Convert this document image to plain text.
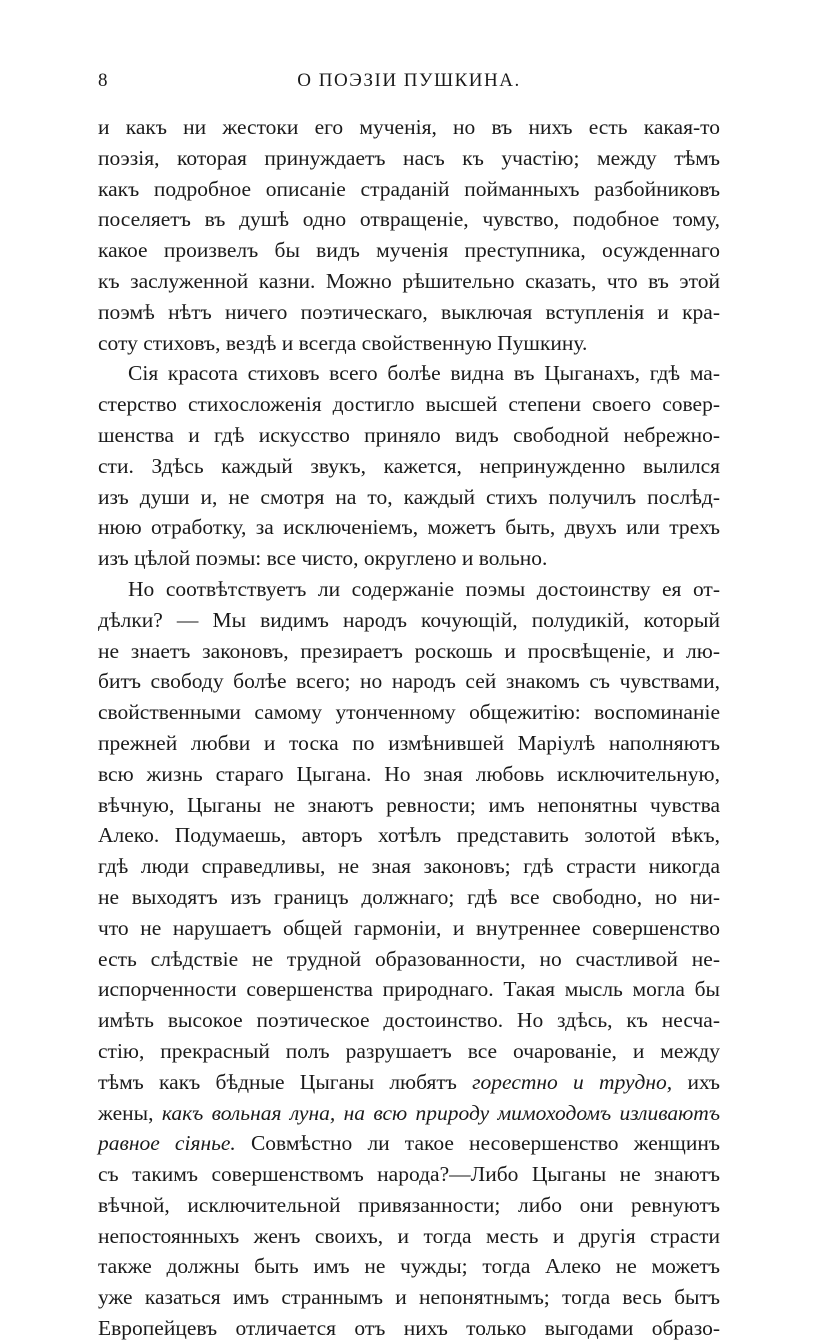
8	О ПОЭЗІИ ПУШКИНА.
и какъ ни жестоки его мученія, но въ нихъ есть какая-то
поэзія, которая принуждаетъ насъ къ участію; между тѣмъ
какъ подробное описаніе страданій пойманныхъ разбойниковъ
поселяетъ въ душѣ одно отвращеніе, чувство, подобное тому,
какое произвелъ бы видъ мученія преступника, осужденнаго
къ заслуженной казни. Можно рѣшительно сказать, что въ этой
поэмѣ нѣтъ ничего поэтическаго, выключая вступленія и кра-
соту стиховъ, вездѣ и всегда свойственную Пушкину.
Сія красота стиховъ всего болѣе видна въ Цыганахъ, гдѣ ма-
стерство стихосложенія достигло высшей степени своего совер-
шенства и гдѣ искусство приняло видъ свободной небрежно-
сти. Здѣсь каждый звукъ, кажется, непринужденно вылился
изъ души и, не смотря на то, каждый стихъ получилъ послѣд-
нюю отработку, за исключеніемъ, можетъ быть, двухъ или трехъ
изъ цѣлой поэмы: все чисто, округлено и вольно.
Но соотвѣтствуетъ ли содержаніе поэмы достоинству ея от-
дѣлки? — Мы видимъ народъ кочующій, полудикій, который
не знаетъ законовъ, презираетъ роскошь и просвѣщеніе, и лю-
битъ свободу болѣе всего; но народъ сей знакомъ съ чувствами,
свойственными самому утонченному общежитію: воспоминаніе
прежней любви и тоска по измѣнившей Маріулѣ наполняютъ
всю жизнь стараго Цыгана. Но зная любовь исключительную,
вѣчную, Цыганы не знаютъ ревности; имъ непонятны чувства
Алеко. Подумаешь, авторъ хотѣлъ представить золотой вѣкъ,
гдѣ люди справедливы, не зная законовъ; гдѣ страсти никогда
не выходятъ изъ границъ должнаго; гдѣ все свободно, но ни-
что не нарушаетъ общей гармоніи, и внутреннее совершенство
есть слѣдствіе не трудной образованности, но счастливой не-
испорченности совершенства природнаго. Такая мысль могла бы
имѣть высокое поэтическое достоинство. Но здѣсь, къ несча-
стію, прекрасный полъ разрушаетъ все очарованіе, и между
тѣмъ какъ бѣдные Цыганы любятъ горестно и трудно, ихъ
жены, какъ вольная луна, на всю природу мимоходомъ изливаютъ
равное сіянье. Совмѣстно ли такое несовершенство женщинъ
съ такимъ совершенствомъ народа?—Либо Цыганы не знаютъ
вѣчной, исключительной привязанности; либо они ревнуютъ
непостоянныхъ женъ своихъ, и тогда месть и другія страсти
также должны быть имъ не чужды; тогда Алеко не можетъ
уже казаться имъ страннымъ и непонятнымъ; тогда весь бытъ
Европейцевъ отличается отъ нихъ только выгодами образо-
